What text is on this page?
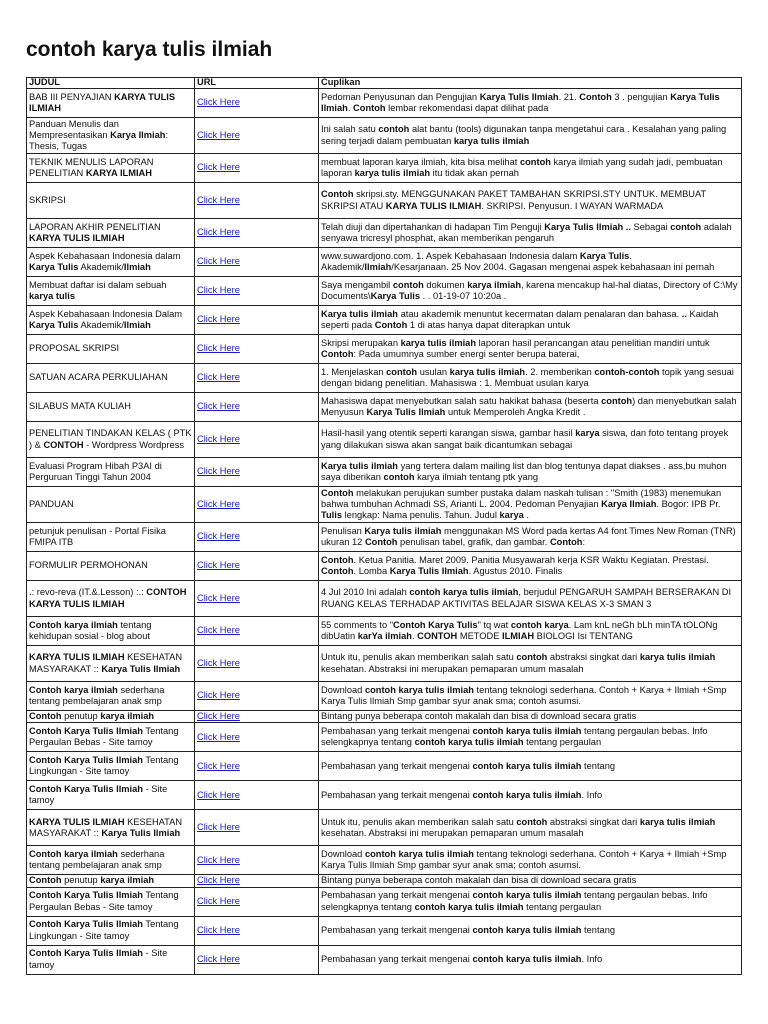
contoh karya tulis ilmiah
JUDUL	URL	Cuplikan
BAB III PENYAJIAN KARYA TULIS ILMIAH	Click Here	Pedoman Penyusunan dan Pengujian Karya Tulis Ilmiah. 21. Contoh 3 . pengujian Karya Tulis Ilmiah. Contoh lembar rekomendasi dapat dilihat pada
Panduan Menulis dan Mempresentasikan Karya Ilmiah: Thesis, Tugas	Click Here	Ini salah satu contoh alat bantu (tools) digunakan tanpa mengetahui cara . Kesalahan yang paling sering terjadi dalam pembuatan karya tulis ilmiah
TEKNIK MENULIS LAPORAN PENELITIAN KARYA ILMIAH	Click Here	membuat laporan karya ilmiah, kita bisa melihat contoh karya ilmiah yang sudah jadi, pembuatan laporan karya tulis ilmiah itu tidak akan pernah
SKRIPSI	Click Here	Contoh skripsi.sty. MENGGUNAKAN PAKET TAMBAHAN SKRIPSI.STY UNTUK. MEMBUAT SKRIPSI ATAU KARYA TULIS ILMIAH. SKRIPSI. Penyusun. I WAYAN WARMADA
LAPORAN AKHIR PENELITIAN KARYA TULIS ILMIAH	Click Here	Telah diuji dan dipertahankan di hadapan Tim Penguji Karya Tulis Ilmiah .. Sebagai contoh adalah senyawa tricresyl phosphat, akan memberikan pengaruh
Aspek Kebahasaan Indonesia dalam Karya Tulis Akademik/Ilmiah	Click Here	www.suwardjono.com. 1. Aspek Kebahasaan Indonesia dalam Karya Tulis. Akademik/Ilmiah/Kesarjanaan. 25 Nov 2004. Gagasan mengenai aspek kebahasaan ini pernah
Membuat daftar isi dalam sebuah karya tulis	Click Here	Saya mengambil contoh dokumen karya ilmiah, karena mencakup hal-hal diatas, Directory of C:\My Documents\Karya Tulis . . 01-19-07 10:20a .
Aspek Kebahasaan Indonesia Dalam Karya Tulis Akademik/Ilmiah	Click Here	Karya tulis ilmiah atau akademik menuntut kecermatan dalam penalaran dan bahasa. .. Kaidah seperti pada Contoh 1 di atas hanya dapat diterapkan untuk
PROPOSAL SKRIPSI	Click Here	Skripsi merupakan karya tulis ilmiah laporan hasil perancangan atau penelitian mandiri untuk Contoh: Pada umumnya sumber energi senter berupa baterai,
SATUAN ACARA PERKULIAHAN	Click Here	1. Menjelaskan contoh usulan karya tulis ilmiah. 2. memberikan contoh-contoh topik yang sesuai dengan bidang penelitian. Mahasiswa : 1. Membuat usulan karya
SILABUS MATA KULIAH	Click Here	Mahasiswa dapat menyebutkan salah satu hakikat bahasa (beserta contoh) dan menyebutkan salah Menyusun Karya Tulis Ilmiah untuk Memperoleh Angka Kredit .
PENELITIAN TINDAKAN KELAS ( PTK ) & CONTOH - Wordpress Wordpress	Click Here	Hasil-hasil yang otentik seperti karangan siswa, gambar hasil karya siswa, dan foto tentang proyek yang dilakukan siswa akan sangat baik dicantumkan sebagai
Evaluasi Program Hibah P3AI di Perguruan Tinggi Tahun 2004	Click Here	Karya tulis ilmiah yang tertera dalam mailing list dan blog tentunya dapat diakses . ass,bu muhon saya diberikan contoh karya ilmiah tentang ptk yang
PANDUAN	Click Here	Contoh melakukan perujukan sumber pustaka dalam naskah tulisan : "Smith (1983) menemukan bahwa tumbuhan Achmadi SS, Arianti L. 2004. Pedoman Penyajian Karya Ilmiah. Bogor: IPB Pr. Tulis lengkap: Nama penulis. Tahun. Judul karya .
petunjuk penulisan - Portal Fisika FMIPA ITB	Click Here	Penulisan Karya tulis ilmiah menggunakan MS Word pada kertas A4 font Times New Roman (TNR) ukuran 12 Contoh penulisan tabel, grafik, dan gambar. Contoh:
FORMULIR PERMOHONAN	Click Here	Contoh. Ketua Panitia. Maret 2009. Panitia Musyawarah kerja KSR Waktu Kegiatan. Prestasi. Contoh. Lomba Karya Tulis Ilmiah. Agustus 2010. Finalis
.: revo-reva (IT.&.Lesson) :.: CONTOH KARYA TULIS ILMIAH	Click Here	4 Jul 2010 Ini adalah contoh karya tulis ilmiah, berjudul PENGARUH SAMPAH BERSERAKAN DI RUANG KELAS TERHADAP AKTIVITAS BELAJAR SISWA KELAS X-3 SMAN 3
Contoh karya ilmiah tentang kehidupan sosial - blog about	Click Here	55 comments to "Contoh Karya Tulis" tq wat contoh karya. Lam knL neGh bLh minTA tOLONg dibUatin karYa ilmiah. CONTOH METODE ILMIAH BIOLOGI Isi TENTANG
KARYA TULIS ILMIAH KESEHATAN MASYARAKAT :: Karya Tulis Ilmiah	Click Here	Untuk itu, penulis akan memberikan salah satu contoh abstraksi singkat dari karya tulis ilmiah kesehatan. Abstraksi ini merupakan pemaparan umum masalah
Contoh karya ilmiah sederhana tentang pembelajaran anak smp	Click Here	Download contoh karya tulis ilmiah tentang teknologi sederhana. Contoh + Karya + Ilmiah +Smp Karya Tulis Ilmiah Smp gambar syur anak sma; contoh asumsi.
Contoh penutup karya ilmiah	Click Here	Bintang punya beberapa contoh makalah dan bisa di download secara gratis
Contoh Karya Tulis Ilmiah Tentang Pergaulan Bebas - Site tamoy	Click Here	Pembahasan yang terkait mengenai contoh karya tulis ilmiah tentang pergaulan bebas. Info selengkapnya tentang contoh karya tulis ilmiah tentang pergaulan
Contoh Karya Tulis Ilmiah Tentang Lingkungan - Site tamoy	Click Here	Pembahasan yang terkait mengenai contoh karya tulis ilmiah tentang
Contoh Karya Tulis Ilmiah - Site tamoy	Click Here	Pembahasan yang terkait mengenai contoh karya tulis ilmiah. Info
KARYA TULIS ILMIAH KESEHATAN MASYARAKAT :: Karya Tulis Ilmiah	Click Here	Untuk itu, penulis akan memberikan salah satu contoh abstraksi singkat dari karya tulis ilmiah kesehatan. Abstraksi ini merupakan pemaparan umum masalah
Contoh karya ilmiah sederhana tentang pembelajaran anak smp	Click Here	Download contoh karya tulis ilmiah tentang teknologi sederhana. Contoh + Karya + Ilmiah +Smp Karya Tulis Ilmiah Smp gambar syur anak sma; contoh asumsi.
Contoh penutup karya ilmiah	Click Here	Bintang punya beberapa contoh makalah dan bisa di download secara gratis
Contoh Karya Tulis Ilmiah Tentang Pergaulan Bebas - Site tamoy	Click Here	Pembahasan yang terkait mengenai contoh karya tulis ilmiah tentang pergaulan bebas. Info selengkapnya tentang contoh karya tulis ilmiah tentang pergaulan
Contoh Karya Tulis Ilmiah Tentang Lingkungan - Site tamoy	Click Here	Pembahasan yang terkait mengenai contoh karya tulis ilmiah tentang
Contoh Karya Tulis Ilmiah - Site tamoy	Click Here	Pembahasan yang terkait mengenai contoh karya tulis ilmiah. Info
